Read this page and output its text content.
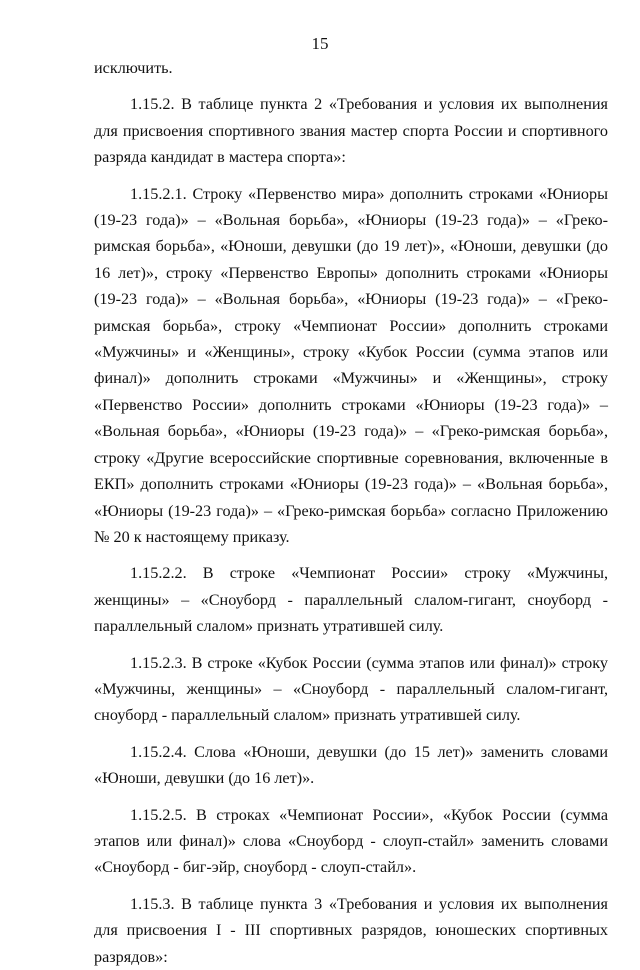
15

исключить.

1.15.2. В таблице пункта 2 «Требования и условия их выполнения для присвоения спортивного звания мастер спорта России и спортивного разряда кандидат в мастера спорта»:

1.15.2.1. Строку «Первенство мира» дополнить строками «Юниоры (19-23 года)» – «Вольная борьба», «Юниоры (19-23 года)» – «Греко-римская борьба», «Юноши, девушки (до 19 лет)», «Юноши, девушки (до 16 лет)», строку «Первенство Европы» дополнить строками «Юниоры (19-23 года)» – «Вольная борьба», «Юниоры (19-23 года)» – «Греко-римская борьба», строку «Чемпионат России» дополнить строками «Мужчины» и «Женщины», строку «Кубок России (сумма этапов или финал)» дополнить строками «Мужчины» и «Женщины», строку «Первенство России» дополнить строками «Юниоры (19-23 года)» – «Вольная борьба», «Юниоры (19-23 года)» – «Греко-римская борьба», строку «Другие всероссийские спортивные соревнования, включенные в ЕКП» дополнить строками «Юниоры (19-23 года)» – «Вольная борьба», «Юниоры (19-23 года)» – «Греко-римская борьба» согласно Приложению № 20 к настоящему приказу.

1.15.2.2. В строке «Чемпионат России» строку «Мужчины, женщины» – «Сноуборд - параллельный слалом-гигант, сноуборд - параллельный слалом» признать утратившей силу.

1.15.2.3. В строке «Кубок России (сумма этапов или финал)» строку «Мужчины, женщины» – «Сноуборд - параллельный слалом-гигант, сноуборд - параллельный слалом» признать утратившей силу.

1.15.2.4. Слова «Юноши, девушки (до 15 лет)» заменить словами «Юноши, девушки (до 16 лет)».

1.15.2.5. В строках «Чемпионат России», «Кубок России (сумма этапов или финал)» слова «Сноуборд - слоуп-стайл» заменить словами «Сноуборд - биг-эйр, сноуборд - слоуп-стайл».

1.15.3. В таблице пункта 3 «Требования и условия их выполнения для присвоения I - III спортивных разрядов, юношеских спортивных разрядов»:
